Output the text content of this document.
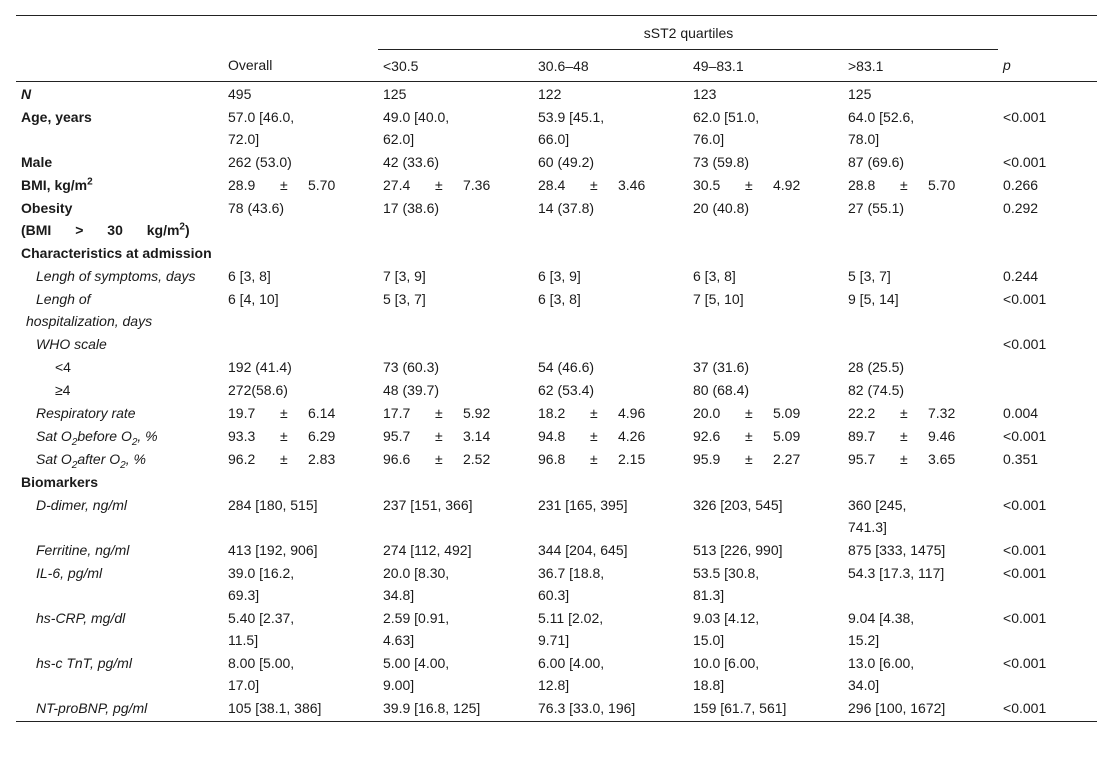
		sST2 quartiles				
	Overall	<30.5	30.6–48	49–83.1	>83.1	p
N	495	125	122	123	125	
Age, years	57.0 [46.0, 72.0]	49.0 [40.0, 62.0]	53.9 [45.1, 66.0]	62.0 [51.0, 76.0]	64.0 [52.6, 78.0]	<0.001
Male	262 (53.0)	42 (33.6)	60 (49.2)	73 (59.8)	87 (69.6)	<0.001
BMI, $kg/m^2$	28.9 ± 5.70	27.4 ± 7.36	28.4 ± 3.46	30.5 ± 4.92	28.8 ± 5.70	0.266
Obesity
(BMI > 30 $kg/m^2$)	78 (43.6)	17 (38.6)	14 (37.8)	20 (40.8)	27 (55.1)	0.292
Characteristics at admission						
Lengh of symptoms, days	6 [3, 8]	7 [3, 9]	6 [3, 9]	6 [3, 8]	5 [3, 7]	0.244
Lengh of hospitalization, days	6 [4, 10]	5 [3, 7]	6 [3, 8]	7 [5, 10]	9 [5, 14]	<0.001
WHO scale						<0.001
<4	192 (41.4)	73 (60.3)	54 (46.6)	37 (31.6)	28 (25.5)	
≥4	272(58.6)	48 (39.7)	62 (53.4)	80 (68.4)	82 (74.5)	
Respiratory rate	19.7 ± 6.14	17.7 ± 5.92	18.2 ± 4.96	20.0 ± 5.09	22.2 ± 7.32	0.004
Sat $O_2before$ $O_2$, %	93.3 ± 6.29	95.7 ± 3.14	94.8 ± 4.26	92.6 ± 5.09	89.7 ± 9.46	<0.001
Sat $O_2after$ $O_2$, %	96.2 ± 2.83	96.6 ± 2.52	96.8 ± 2.15	95.9 ± 2.27	95.7 ± 3.65	0.351
Biomarkers						
D-dimer, ng/ml	284 [180, 515]	237 [151, 366]	231 [165, 395]	326 [203, 545]	360 [245, 741.3]	<0.001
Ferritine, ng/ml	413 [192, 906]	274 [112, 492]	344 [204, 645]	513 [226, 990]	875 [333, 1475]	<0.001
IL-6, pg/ml	39.0 [16.2, 69.3]	20.0 [8.30, 34.8]	36.7 [18.8, 60.3]	53.5 [30.8, 81.3]	54.3 [17.3, 117]	<0.001
hs-CRP, mg/dl	5.40 [2.37, 11.5]	2.59 [0.91, 4.63]	5.11 [2.02, 9.71]	9.03 [4.12, 15.0]	9.04 [4.38, 15.2]	<0.001
hs-c TnT, pg/ml	8.00 [5.00, 17.0]	5.00 [4.00, 9.00]	6.00 [4.00, 12.8]	10.0 [6.00, 18.8]	13.0 [6.00, 34.0]	<0.001
NT-proBNP, pg/ml	105 [38.1, 386]	39.9 [16.8, 125]	76.3 [33.0, 196]	159 [61.7, 561]	296 [100, 1672]	<0.001
